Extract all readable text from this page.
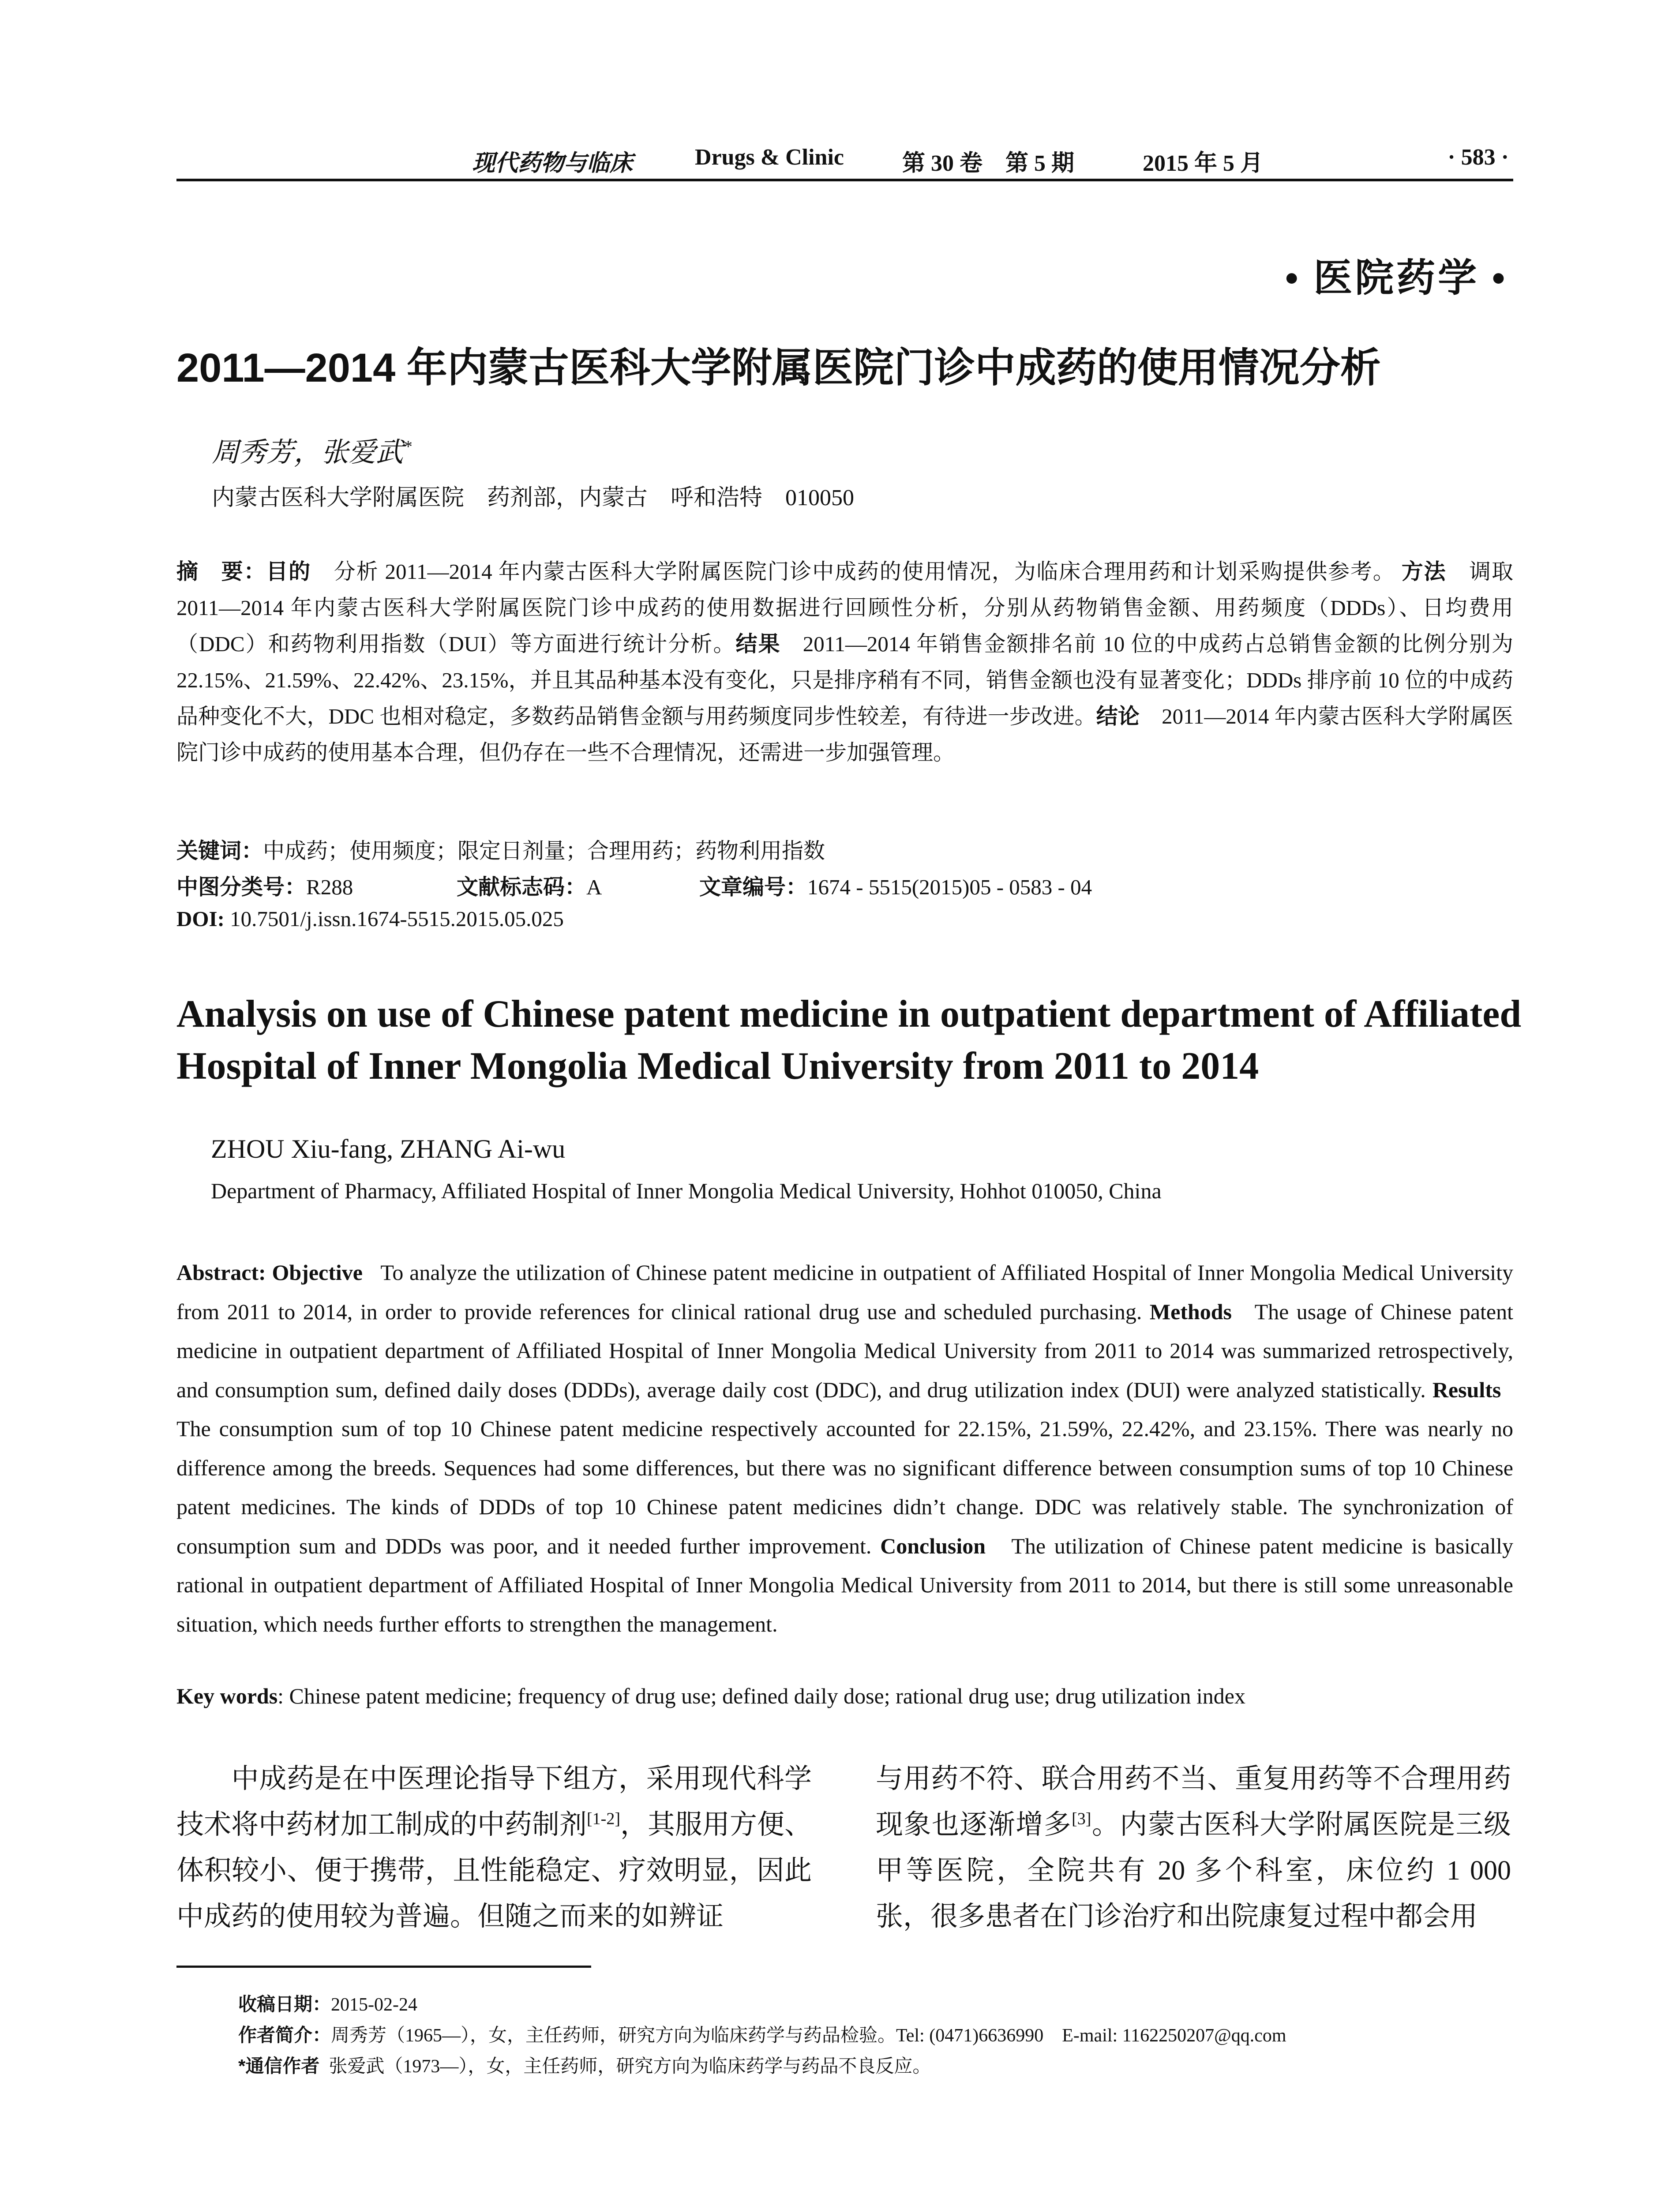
现代药物与临床	Drugs & Clinic	第 30 卷　第 5 期	2015 年 5 月	· 583 ·
• 医院药学 •
2011—2014 年内蒙古医科大学附属医院门诊中成药的使用情况分析
周秀芳，张爱武*
内蒙古医科大学附属医院　药剂部，内蒙古　呼和浩特　010050
摘　要：目的 分析 2011—2014 年内蒙古医科大学附属医院门诊中成药的使用情况，为临床合理用药和计划采购提供参考。 方法 调取 2011—2014 年内蒙古医科大学附属医院门诊中成药的使用数据进行回顾性分析，分别从药物销售金额、用药频度（DDDs）、日均费用（DDC）和药物利用指数（DUI）等方面进行统计分析。结果 2011—2014 年销售金额排名前 10 位的中成药占总销售金额的比例分别为 22.15%、21.59%、22.42%、23.15%，并且其品种基本没有变化，只是排序稍有不同，销售金额也没有显著变化；DDDs 排序前 10 位的中成药品种变化不大，DDC 也相对稳定，多数药品销售金额与用药频度同步性较差，有待进一步改进。结论 2011—2014 年内蒙古医科大学附属医院门诊中成药的使用基本合理，但仍存在一些不合理情况，还需进一步加强管理。
关键词：中成药；使用频度；限定日剂量；合理用药；药物利用指数
中图分类号：R288	文献标志码：A	文章编号：1674 - 5515(2015)05 - 0583 - 04
DOI: 10.7501/j.issn.1674-5515.2015.05.025
Analysis on use of Chinese patent medicine in outpatient department of Affiliated Hospital of Inner Mongolia Medical University from 2011 to 2014
ZHOU Xiu-fang, ZHANG Ai-wu
Department of Pharmacy, Affiliated Hospital of Inner Mongolia Medical University, Hohhot 010050, China
Abstract: Objective To analyze the utilization of Chinese patent medicine in outpatient of Affiliated Hospital of Inner Mongolia Medical University from 2011 to 2014, in order to provide references for clinical rational drug use and scheduled purchasing. Methods The usage of Chinese patent medicine in outpatient department of Affiliated Hospital of Inner Mongolia Medical University from 2011 to 2014 was summarized retrospectively, and consumption sum, defined daily doses (DDDs), average daily cost (DDC), and drug utilization index (DUI) were analyzed statistically. Results   The consumption sum of top 10 Chinese patent medicine respectively accounted for 22.15%, 21.59%, 22.42%, and 23.15%. There was nearly no difference among the breeds. Sequences had some differences, but there was no significant difference between consumption sums of top 10 Chinese patent medicines. The kinds of DDDs of top 10 Chinese patent medicines didn’t change. DDC was relatively stable. The synchronization of consumption sum and DDDs was poor, and it needed further improvement. Conclusion The utilization of Chinese patent medicine is basically rational in outpatient department of Affiliated Hospital of Inner Mongolia Medical University from 2011 to 2014, but there is still some unreasonable situation, which needs further efforts to strengthen the management.
Key words: Chinese patent medicine; frequency of drug use; defined daily dose; rational drug use; drug utilization index
中成药是在中医理论指导下组方，采用现代科学技术将中药材加工制成的中药制剂[1-2]，其服用方便、体积较小、便于携带，且性能稳定、疗效明显，因此中成药的使用较为普遍。但随之而来的如辨证
与用药不符、联合用药不当、重复用药等不合理用药现象也逐渐增多[3]。内蒙古医科大学附属医院是三级甲等医院，全院共有 20 多个科室，床位约 1 000 张，很多患者在门诊治疗和出院康复过程中都会用
收稿日期：2015-02-24
作者简介：周秀芳（1965—），女，主任药师，研究方向为临床药学与药品检验。Tel: (0471)6636990　E-mail: 1162250207@qq.com
*通信作者 张爱武（1973—），女，主任药师，研究方向为临床药学与药品不良反应。
